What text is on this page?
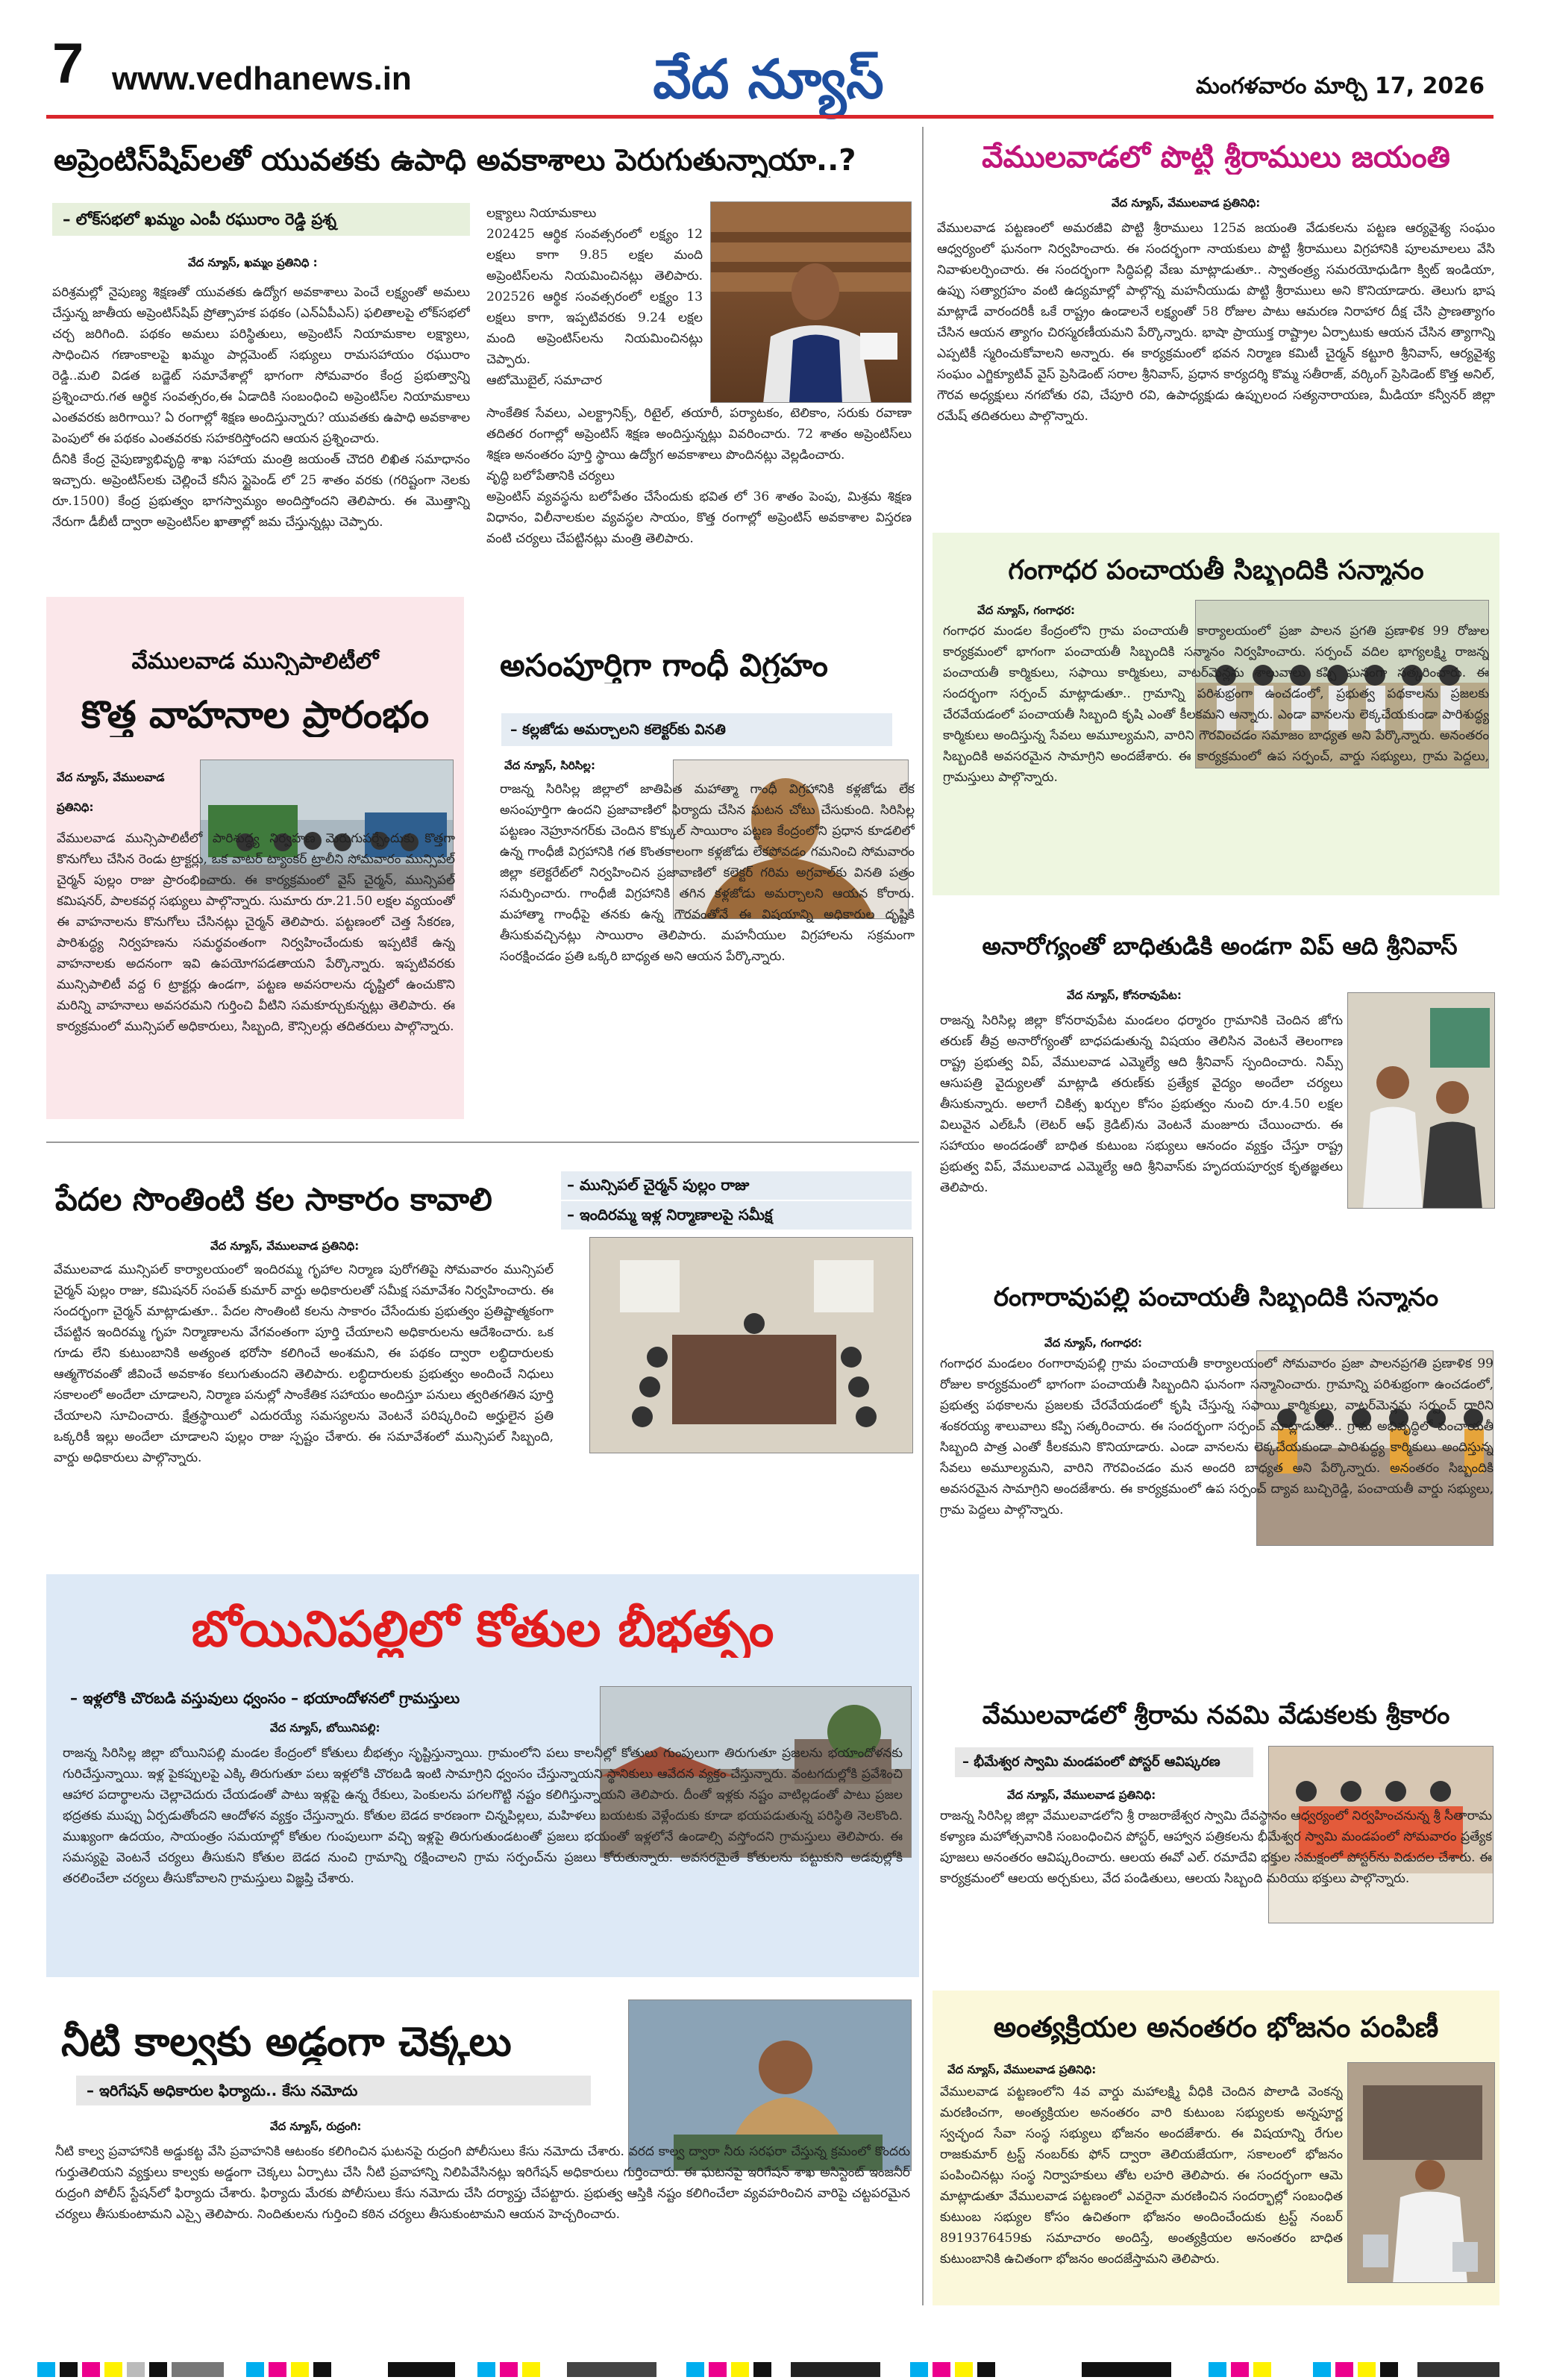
7 www.vedhanews.in	వేద న్యూస్	మంగళవారం మార్చి 17, 2026
అప్రెంటిస్‌షిప్‌లతో యువతకు ఉపాధి అవకాశాలు పెరుగుతున్నాయా..?
– లోక్‌సభలో ఖమ్మం ఎంపీ రఘురాం రెడ్డి ప్రశ్న
వేద న్యూస్, ఖమ్మం ప్రతినిధి :
పరిశ్రమల్లో నైపుణ్య శిక్షణతో యువతకు ఉద్యోగ అవకాశాలు పెంచే లక్ష్యంతో అమలు చేస్తున్న జాతీయ అప్రెంటిస్‌షిప్ ప్రోత్సాహక పథకం (ఎన్‌ఏపీఎస్) ఫలితాలపై లోక్‌సభలో చర్చ జరిగింది. పథకం అమలు పరిస్థితులు, అప్రెంటిస్ నియామకాల లక్ష్యాలు, సాధించిన గణాంకాలపై ఖమ్మం పార్లమెంట్ సభ్యులు రామసహాయం రఘురాం రెడ్డి..మలి విడత బడ్జెట్ సమావేశాల్లో భాగంగా సోమవారం కేంద్ర ప్రభుత్వాన్ని ప్రశ్నించారు.గత ఆర్థిక సంవత్సరం,ఈ ఏడాదికి సంబంధించి అప్రెంటిస్‌ల నియామకాలు ఎంతవరకు జరిగాయి? ఏ రంగాల్లో శిక్షణ అందిస్తున్నారు? యువతకు ఉపాధి అవకాశాల పెంపులో ఈ పథకం ఎంతవరకు సహకరిస్తోందని ఆయన ప్రశ్నించారు.
దీనికి కేంద్ర నైపుణ్యాభివృద్ధి శాఖ సహాయ మంత్రి జయంత్ చౌదరి లిఖిత సమాధానం ఇచ్చారు. అప్రెంటిస్‌లకు చెల్లించే కనీస స్టైపెండ్ లో 25 శాతం వరకు (గరిష్టంగా నెలకు రూ.1500) కేంద్ర ప్రభుత్వం భాగస్వామ్యం అందిస్తోందని తెలిపారు. ఈ మొత్తాన్ని నేరుగా డీబీటీ ద్వారా అప్రెంటిస్‌ల ఖాతాల్లో జమ చేస్తున్నట్లు చెప్పారు.
లక్ష్యాలు నియామకాలు
202425 ఆర్థిక సంవత్సరంలో లక్ష్యం 12 లక్షలు కాగా 9.85 లక్షల మంది అప్రెంటిస్‌లను నియమించినట్లు తెలిపారు. 202526 ఆర్థిక సంవత్సరంలో లక్ష్యం 13 లక్షలు కాగా, ఇప్పటివరకు 9.24 లక్షల మంది అప్రెంటిస్‌లను నియమించినట్లు చెప్పారు.
ఆటోమొబైల్, సమాచార
సాంకేతిక సేవలు, ఎలక్ట్రానిక్స్, రిటైల్, తయారీ, పర్యాటకం, టెలికాం, సరుకు రవాణా తదితర రంగాల్లో అప్రెంటిస్ శిక్షణ అందిస్తున్నట్లు వివరించారు. 72 శాతం అప్రెంటిస్‌లు శిక్షణ అనంతరం పూర్తి స్థాయి ఉద్యోగ అవకాశాలు పొందినట్లు వెల్లడించారు.
వృద్ధి బలోపేతానికి చర్యలు
అప్రెంటిస్ వ్యవస్థను బలోపేతం చేసేందుకు భవిత లో 36 శాతం పెంపు, మిశ్రమ శిక్షణ విధానం, విలీనాలకుల వ్యవస్థల సాయం, కొత్త రంగాల్లో అప్రెంటిస్ అవకాశాల విస్తరణ వంటి చర్యలు చేపట్టినట్లు మంత్రి తెలిపారు.
వేములవాడ మున్సిపాలిటీలో
కొత్త వాహనాల ప్రారంభం
వేద న్యూస్, వేములవాడ ప్రతినిధి:
వేములవాడ మున్సిపాలిటీలో పారిశుద్ధ్య నిర్వహణ మెరుగుపర్చేందుకు కొత్తగా కొనుగోలు చేసిన రెండు ట్రాక్టర్లు, ఒక వాటర్ ట్యాంకర్ ట్రాలీని సోమవారం మున్సిపల్ చైర్మన్ పుల్లం రాజు ప్రారంభించారు. ఈ కార్యక్రమంలో వైస్ చైర్మన్, మున్సిపల్ కమిషనర్, పాలకవర్గ సభ్యులు పాల్గొన్నారు. సుమారు రూ.21.50 లక్షల వ్యయంతో ఈ వాహనాలను కొనుగోలు చేసినట్లు చైర్మన్ తెలిపారు. పట్టణంలో చెత్త సేకరణ, పారిశుద్ధ్య నిర్వహణను సమర్థవంతంగా నిర్వహించేందుకు ఇప్పటికే ఉన్న వాహనాలకు అదనంగా ఇవి ఉపయోగపడతాయని పేర్కొన్నారు. ఇప్పటివరకు మున్సిపాలిటీ వద్ద 6 ట్రాక్టర్లు ఉండగా, పట్టణ అవసరాలను దృష్టిలో ఉంచుకొని మరిన్ని వాహనాలు అవసరమని గుర్తించి వీటిని సమకూర్చుకున్నట్లు తెలిపారు. ఈ కార్యక్రమంలో మున్సిపల్ అధికారులు, సిబ్బంది, కౌన్సిలర్లు తదితరులు పాల్గొన్నారు.
అసంపూర్తిగా గాంధీ విగ్రహం
– కల్లజోడు అమర్చాలని కలెక్టర్‌కు వినతి
వేద న్యూస్, సిరిసిల్ల:
రాజన్న సిరిసిల్ల జిల్లాలో జాతిపిత మహాత్మా గాంధీ విగ్రహానికి కళ్లజోడు లేక అసంపూర్తిగా ఉందని ప్రజావాణిలో ఫిర్యాదు చేసిన ఘటన చోటు చేసుకుంది. సిరిసిల్ల పట్టణం నెహ్రూనగర్‌కు చెందిన కొక్కుల్ సాయిరాం పట్టణ కేంద్రంలోని ప్రధాన కూడలిలో ఉన్న గాంధీజీ విగ్రహానికి గత కొంతకాలంగా కళ్లజోడు లేకపోవడం గమనించి సోమవారం జిల్లా కలెక్టరేట్‌లో నిర్వహించిన ప్రజావాణిలో కలెక్టర్ గరిమ అగ్రవాల్‌కు వినతి పత్రం సమర్పించారు. గాంధీజీ విగ్రహానికి తగిన కళ్లజోడు అమర్చాలని ఆయన కోరారు. మహాత్మా గాంధీపై తనకు ఉన్న గౌరవంతోనే ఈ విషయాన్ని అధికారుల దృష్టికి తీసుకువచ్చినట్లు సాయిరాం తెలిపారు. మహనీయుల విగ్రహాలను సక్రమంగా సంరక్షించడం ప్రతి ఒక్కరి బాధ్యత అని ఆయన పేర్కొన్నారు.
పేదల సొంతింటి కల సాకారం కావాలి	– మున్సిపల్ చైర్మన్ పుల్లం రాజు
– ఇందిరమ్మ ఇళ్ల నిర్మాణాలపై సమీక్ష
వేద న్యూస్, వేములవాడ ప్రతినిధి:
వేములవాడ మున్సిపల్ కార్యాలయంలో ఇందిరమ్మ గృహాల నిర్మాణ పురోగతిపై సోమవారం మున్సిపల్ చైర్మన్ పుల్లం రాజు, కమిషనర్ సంపత్ కుమార్ వార్డు అధికారులతో సమీక్ష సమావేశం నిర్వహించారు. ఈ సందర్భంగా చైర్మన్ మాట్లాడుతూ.. పేదల సొంతింటి కలను సాకారం చేసేందుకు ప్రభుత్వం ప్రతిష్టాత్మకంగా చేపట్టిన ఇందిరమ్మ గృహ నిర్మాణాలను వేగవంతంగా పూర్తి చేయాలని అధికారులను ఆదేశించారు. ఒక గూడు లేని కుటుంబానికి అత్యంత భరోసా కలిగించే అంశమని, ఈ పథకం ద్వారా లబ్ధిదారులకు ఆత్మగౌరవంతో జీవించే అవకాశం కలుగుతుందని తెలిపారు. లబ్ధిదారులకు ప్రభుత్వం అందించే నిధులు సకాలంలో అందేలా చూడాలని, నిర్మాణ పనుల్లో సాంకేతిక సహాయం అందిస్తూ పనులు త్వరితగతిన పూర్తి చేయాలని సూచించారు. క్షేత్రస్థాయిలో ఎదురయ్యే సమస్యలను వెంటనే పరిష్కరించి అర్హులైన ప్రతి ఒక్కరికీ ఇల్లు అందేలా చూడాలని పుల్లం రాజు స్పష్టం చేశారు. ఈ సమావేశంలో మున్సిపల్ సిబ్బంది, వార్డు అధికారులు పాల్గొన్నారు.
బోయినిపల్లిలో కోతుల బీభత్సం
– ఇళ్లలోకి చొరబడి వస్తువులు ధ్వంసం – భయాందోళనలో గ్రామస్తులు
వేద న్యూస్, బోయినిపల్లి:
రాజన్న సిరిసిల్ల జిల్లా బోయినిపల్లి మండల కేంద్రంలో కోతులు బీభత్సం సృష్టిస్తున్నాయి. గ్రామంలోని పలు కాలనీల్లో కోతులు గుంపులుగా తిరుగుతూ ప్రజలను భయాందోళనకు గురిచేస్తున్నాయి. ఇళ్ల పైకప్పులపై ఎక్కి తిరుగుతూ పలు ఇళ్లలోకి చొరబడి ఇంటి సామాగ్రిని ధ్వంసం చేస్తున్నాయని స్థానికులు ఆవేదన వ్యక్తం చేస్తున్నారు. వంటగదుల్లోకి ప్రవేశించి ఆహార పదార్థాలను చెల్లాచెదురు చేయడంతో పాటు ఇళ్లపై ఉన్న రేకులు, పెంకులను పగలగొట్టి నష్టం కలిగిస్తున్నాయని తెలిపారు. దీంతో ఇళ్లకు నష్టం వాటిల్లడంతో పాటు ప్రజల భద్రతకు ముప్పు ఏర్పడుతోందని ఆందోళన వ్యక్తం చేస్తున్నారు. కోతుల బెడద కారణంగా చిన్నపిల్లలు, మహిళలు బయటకు వెళ్లేందుకు కూడా భయపడుతున్న పరిస్థితి నెలకొంది. ముఖ్యంగా ఉదయం, సాయంత్రం సమయాల్లో కోతుల గుంపులుగా వచ్చి ఇళ్లపై తిరుగుతుండటంతో ప్రజలు భయంతో ఇళ్లలోనే ఉండాల్సి వస్తోందని గ్రామస్తులు తెలిపారు. ఈ సమస్యపై వెంటనే చర్యలు తీసుకుని కోతుల బెడద నుంచి గ్రామాన్ని రక్షించాలని గ్రామ సర్పంచ్‌ను ప్రజలు కోరుతున్నారు. అవసరమైతే కోతులను పట్టుకుని అడవుల్లోకి తరలించేలా చర్యలు తీసుకోవాలని గ్రామస్తులు విజ్ఞప్తి చేశారు.
నీటి కాల్వకు అడ్డంగా చెక్కలు
– ఇరిగేషన్ అధికారుల ఫిర్యాదు.. కేసు నమోదు
వేద న్యూస్, రుద్రంగి:
నీటి కాల్వ ప్రవాహానికి అడ్డుకట్ట వేసి ప్రవాహనికి ఆటంకం కలిగించిన ఘటనపై రుద్రంగి పోలీసులు కేసు నమోదు చేశారు. వరద కాల్వ ద్వారా నీరు సరఫరా చేస్తున్న క్రమంలో కొందరు గుర్తుతెలియని వ్యక్తులు కాల్వకు అడ్డంగా చెక్కలు ఏర్పాటు చేసి నీటి ప్రవాహాన్ని నిలిపివేసినట్లు ఇరిగేషన్ అధికారులు గుర్తించారు. ఈ ఘటనపై ఇరిగేషన్ శాఖ అసిస్టెంట్ ఇంజనీర్ రుద్రంగి పోలీస్ స్టేషన్‌లో ఫిర్యాదు చేశారు. ఫిర్యాదు మేరకు పోలీసులు కేసు నమోదు చేసి దర్యాప్తు చేపట్టారు. ప్రభుత్వ ఆస్తికి నష్టం కలిగించేలా వ్యవహరించిన వారిపై చట్టపరమైన చర్యలు తీసుకుంటామని ఎస్సై తెలిపారు. నిందితులను గుర్తించి కఠిన చర్యలు తీసుకుంటామని ఆయన హెచ్చరించారు.
వేములవాడలో పొట్టి శ్రీరాములు జయంతి
వేద న్యూస్, వేములవాడ ప్రతినిధి:
వేములవాడ పట్టణంలో అమరజీవి పొట్టి శ్రీరాములు 125వ జయంతి వేడుకలను పట్టణ ఆర్యవైశ్య సంఘం ఆధ్వర్యంలో ఘనంగా నిర్వహించారు. ఈ సందర్భంగా నాయకులు పొట్టి శ్రీరాములు విగ్రహానికి పూలమాలలు వేసి నివాళులర్పించారు. ఈ సందర్భంగా సిద్ధిపల్లి వేణు మాట్లాడుతూ.. స్వాతంత్ర్య సమరయోధుడిగా క్విట్ ఇండియా, ఉప్పు సత్యాగ్రహం వంటి ఉద్యమాల్లో పాల్గొన్న మహనీయుడు పొట్టి శ్రీరాములు అని కొనియాడారు. తెలుగు భాష మాట్లాడే వారందరికీ ఒకే రాష్ట్రం ఉండాలనే లక్ష్యంతో 58 రోజుల పాటు ఆమరణ నిరాహార దీక్ష చేసి ప్రాణత్యాగం చేసిన ఆయన త్యాగం చిరస్మరణీయమని పేర్కొన్నారు. భాషా ప్రాయుక్త రాష్ట్రాల ఏర్పాటుకు ఆయన చేసిన త్యాగాన్ని ఎప్పటికీ స్మరించుకోవాలని అన్నారు. ఈ కార్యక్రమంలో భవన నిర్మాణ కమిటీ చైర్మన్ కట్టూరి శ్రీనివాస్, ఆర్యవైశ్య సంఘం ఎగ్జిక్యూటివ్ వైస్ ప్రెసిడెంట్ సరాల శ్రీనివాస్, ప్రధాన కార్యదర్శి కొమ్మ సతీరాజ్, వర్కింగ్ ప్రెసిడెంట్ కొత్త అనిల్, గౌరవ అధ్యక్షులు నగబోతు రవి, చేపూరి రవి, ఉపాధ్యక్షుడు ఉప్పులంద సత్యనారాయణ, మీడియా కన్వీనర్ జిల్లా రమేష్ తదితరులు పాల్గొన్నారు.
గంగాధర పంచాయతీ సిబ్బందికి సన్మానం
వేద న్యూస్, గంగాధర:
గంగాధర మండల కేంద్రంలోని గ్రామ పంచాయతీ కార్యాలయంలో ప్రజా పాలన ప్రగతి ప్రణాళిక 99 రోజుల కార్యక్రమంలో భాగంగా పంచాయతీ సిబ్బందికి సన్మానం నిర్వహించారు. సర్పంచ్ వదిల భాగ్యలక్ష్మి రాజన్న పంచాయతీ కార్మికులు, సఫాయి కార్మికులు, వాటర్‌మెన్లను శాలువాలు కప్పి ఘనంగా సత్కరించారు. ఈ సందర్భంగా సర్పంచ్ మాట్లాడుతూ.. గ్రామాన్ని పరిశుభ్రంగా ఉంచడంలో, ప్రభుత్వ పథకాలను ప్రజలకు చేరవేయడంలో పంచాయతీ సిబ్బంది కృషి ఎంతో కీలకమని అన్నారు. ఎండా వానలను లెక్కచేయకుండా పారిశుద్ధ్య కార్మికులు అందిస్తున్న సేవలు అమూల్యమని, వారిని గౌరవించడం సమాజం బాధ్యత అని పేర్కొన్నారు. అనంతరం సిబ్బందికి అవసరమైన సామాగ్రిని అందజేశారు. ఈ కార్యక్రమంలో ఉప సర్పంచ్, వార్డు సభ్యులు, గ్రామ పెద్దలు, గ్రామస్తులు పాల్గొన్నారు.
అనారోగ్యంతో బాధితుడికి అండగా విప్ ఆది శ్రీనివాస్
వేద న్యూస్, కోనరావుపేట:
రాజన్న సిరిసిల్ల జిల్లా కోనరావుపేట మండలం ధర్మారం గ్రామానికి చెందిన జోగు తరుణ్ తీవ్ర అనారోగ్యంతో బాధపడుతున్న విషయం తెలిసిన వెంటనే తెలంగాణ రాష్ట్ర ప్రభుత్వ విప్, వేములవాడ ఎమ్మెల్యే ఆది శ్రీనివాస్ స్పందించారు. నిమ్స్ ఆసుపత్రి వైద్యులతో మాట్లాడి తరుణ్‌కు ప్రత్యేక వైద్యం అందేలా చర్యలు తీసుకున్నారు. అలాగే చికిత్స ఖర్చుల కోసం ప్రభుత్వం నుంచి రూ.4.50 లక్షల విలువైన ఎల్‌ఓసీ (లెటర్ ఆఫ్ క్రెడిట్)ను వెంటనే మంజూరు చేయించారు. ఈ సహాయం అందడంతో బాధిత కుటుంబ సభ్యులు ఆనందం వ్యక్తం చేస్తూ రాష్ట్ర ప్రభుత్వ విప్, వేములవాడ ఎమ్మెల్యే ఆది శ్రీనివాస్‌కు హృదయపూర్వక కృతజ్ఞతలు తెలిపారు.
రంగారావుపల్లి పంచాయతీ సిబ్బందికి సన్మానం
వేద న్యూస్, గంగాధర:
గంగాధర మండలం రంగారావుపల్లి గ్రామ పంచాయతీ కార్యాలయంలో సోమవారం ప్రజా పాలనప్రగతి ప్రణాళిక 99 రోజుల కార్యక్రమంలో భాగంగా పంచాయతీ సిబ్బందిని ఘనంగా సన్మానించారు. గ్రామాన్ని పరిశుభ్రంగా ఉంచడంలో, ప్రభుత్వ పథకాలను ప్రజలకు చేరవేయడంలో కృషి చేస్తున్న సఫాయి కార్మికులు, వాటర్‌మెన్లను సర్పంచ్ దారిని శంకరయ్య శాలువాలు కప్పి సత్కరించారు. ఈ సందర్భంగా సర్పంచ్ మాట్లాడుతూ.. గ్రామ అభివృద్ధిలో పంచాయతీ సిబ్బంది పాత్ర ఎంతో కీలకమని కొనియాడారు. ఎండా వానలను లెక్కచేయకుండా పారిశుద్ధ్య కార్మికులు అందిస్తున్న సేవలు అమూల్యమని, వారిని గౌరవించడం మన అందరి బాధ్యత అని పేర్కొన్నారు. అనంతరం సిబ్బందికి అవసరమైన సామాగ్రిని అందజేశారు. ఈ కార్యక్రమంలో ఉప సర్పంచ్ ద్యావ బుచ్చిరెడ్డి, పంచాయతీ వార్డు సభ్యులు, గ్రామ పెద్దలు పాల్గొన్నారు.
వేములవాడలో శ్రీరామ నవమి వేడుకలకు శ్రీకారం
– భీమేశ్వర స్వామి మండపంలో పోస్టర్ ఆవిష్కరణ
వేద న్యూస్, వేములవాడ ప్రతినిధి:
రాజన్న సిరిసిల్ల జిల్లా వేములవాడలోని శ్రీ రాజరాజేశ్వర స్వామి దేవస్థానం ఆధ్వర్యంలో నిర్వహించనున్న శ్రీ సీతారామ కళ్యాణ మహోత్సవానికి సంబంధించిన పోస్టర్, ఆహ్వాన పత్రికలను భీమేశ్వర స్వామి మండపంలో సోమవారం ప్రత్యేక పూజలు అనంతరం ఆవిష్కరించారు. ఆలయ ఈవో ఎల్. రమాదేవి భక్తుల సమక్షంలో పోస్టర్‌ను విడుదల చేశారు. ఈ కార్యక్రమంలో ఆలయ అర్చకులు, వేద పండితులు, ఆలయ సిబ్బంది మరియు భక్తులు పాల్గొన్నారు.
అంత్యక్రియల అనంతరం భోజనం పంపిణీ
వేద న్యూస్, వేములవాడ ప్రతినిధి:
వేములవాడ పట్టణంలోని 4వ వార్డు మహాలక్ష్మి వీధికి చెందిన పొలాడి వెంకన్న మరణించగా, అంత్యక్రియల అనంతరం వారి కుటుంబ సభ్యులకు అన్నపూర్ణ స్వచ్ఛంద సేవా సంస్థ సభ్యులు భోజనం అందజేశారు. ఈ విషయాన్ని రేగుల రాజకుమార్ ట్రస్ట్ నంబర్‌కు ఫోన్ ద్వారా తెలియజేయగా, సకాలంలో భోజనం పంపించినట్లు సంస్థ నిర్వాహకులు తోట లహరి తెలిపారు. ఈ సందర్భంగా ఆమె మాట్లాడుతూ వేములవాడ పట్టణంలో ఎవరైనా మరణించిన సందర్భాల్లో సంబంధిత కుటుంబ సభ్యుల కోసం ఉచితంగా భోజనం అందించేందుకు ట్రస్ట్ నంబర్ 8919376459కు సమాచారం అందిస్తే, అంత్యక్రియల అనంతరం బాధిత కుటుంబానికి ఉచితంగా భోజనం అందజేస్తామని తెలిపారు.
